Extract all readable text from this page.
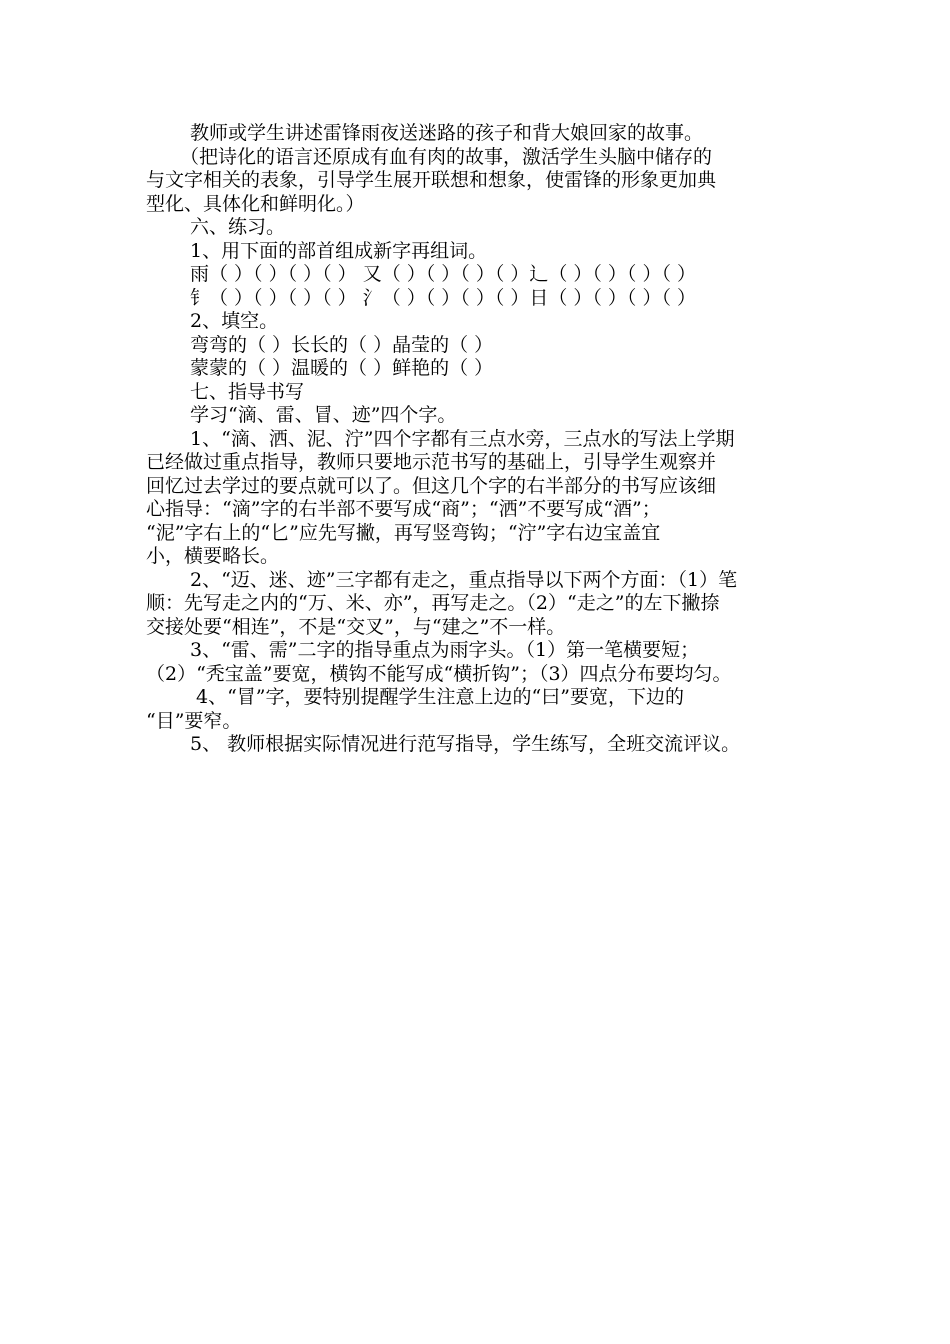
教师或学生讲述雷锋雨夜送迷路的孩子和背大娘回家的故事。
（把诗化的语言还原成有血有肉的故事，激活学生头脑中储存的
与文字相关的表象，引导学生展开联想和想象，使雷锋的形象更加典
型化、具体化和鲜明化。）
六、练习。
1、用下面的部首组成新字再组词。
雨（ ）（ ）（ ）（ ） 又（ ）（ ）（ ）（ ）辶（ ）（ ）（ ）（ ）
钅（ ）（ ）（ ）（ ） 氵（ ）（ ）（ ）（ ）日（ ）（ ）（ ）（ ）
2、填空。
弯弯的（ ）长长的（ ）晶莹的（ ）
蒙蒙的（ ）温暖的（ ）鲜艳的（ ）
七、指导书写
学习“滴、雷、冒、迹”四个字。
1、“滴、洒、泥、泞”四个字都有三点水旁，三点水的写法上学期
已经做过重点指导，教师只要地示范书写的基础上，引导学生观察并
回忆过去学过的要点就可以了。但这几个字的右半部分的书写应该细
心指导：“滴”字的右半部不要写成“商”；“洒”不要写成“酒”；
“泥”字右上的“匕”应先写撇，再写竖弯钩；“泞”字右边宝盖宜
小，横要略长。
2、“迈、迷、迹”三字都有走之，重点指导以下两个方面：（1）笔
顺：先写走之内的“万、米、亦”，再写走之。（2）“走之”的左下撇捺
交接处要“相连”，不是“交叉”，与“建之”不一样。
3、“雷、需”二字的指导重点为雨字头。（1）第一笔横要短；
（2）“秃宝盖”要宽，横钩不能写成“横折钩”；（3）四点分布要均匀。
4、“冒”字，要特别提醒学生注意上边的“曰”要宽，下边的
“目”要窄。
5、 教师根据实际情况进行范写指导，学生练写，全班交流评议。
